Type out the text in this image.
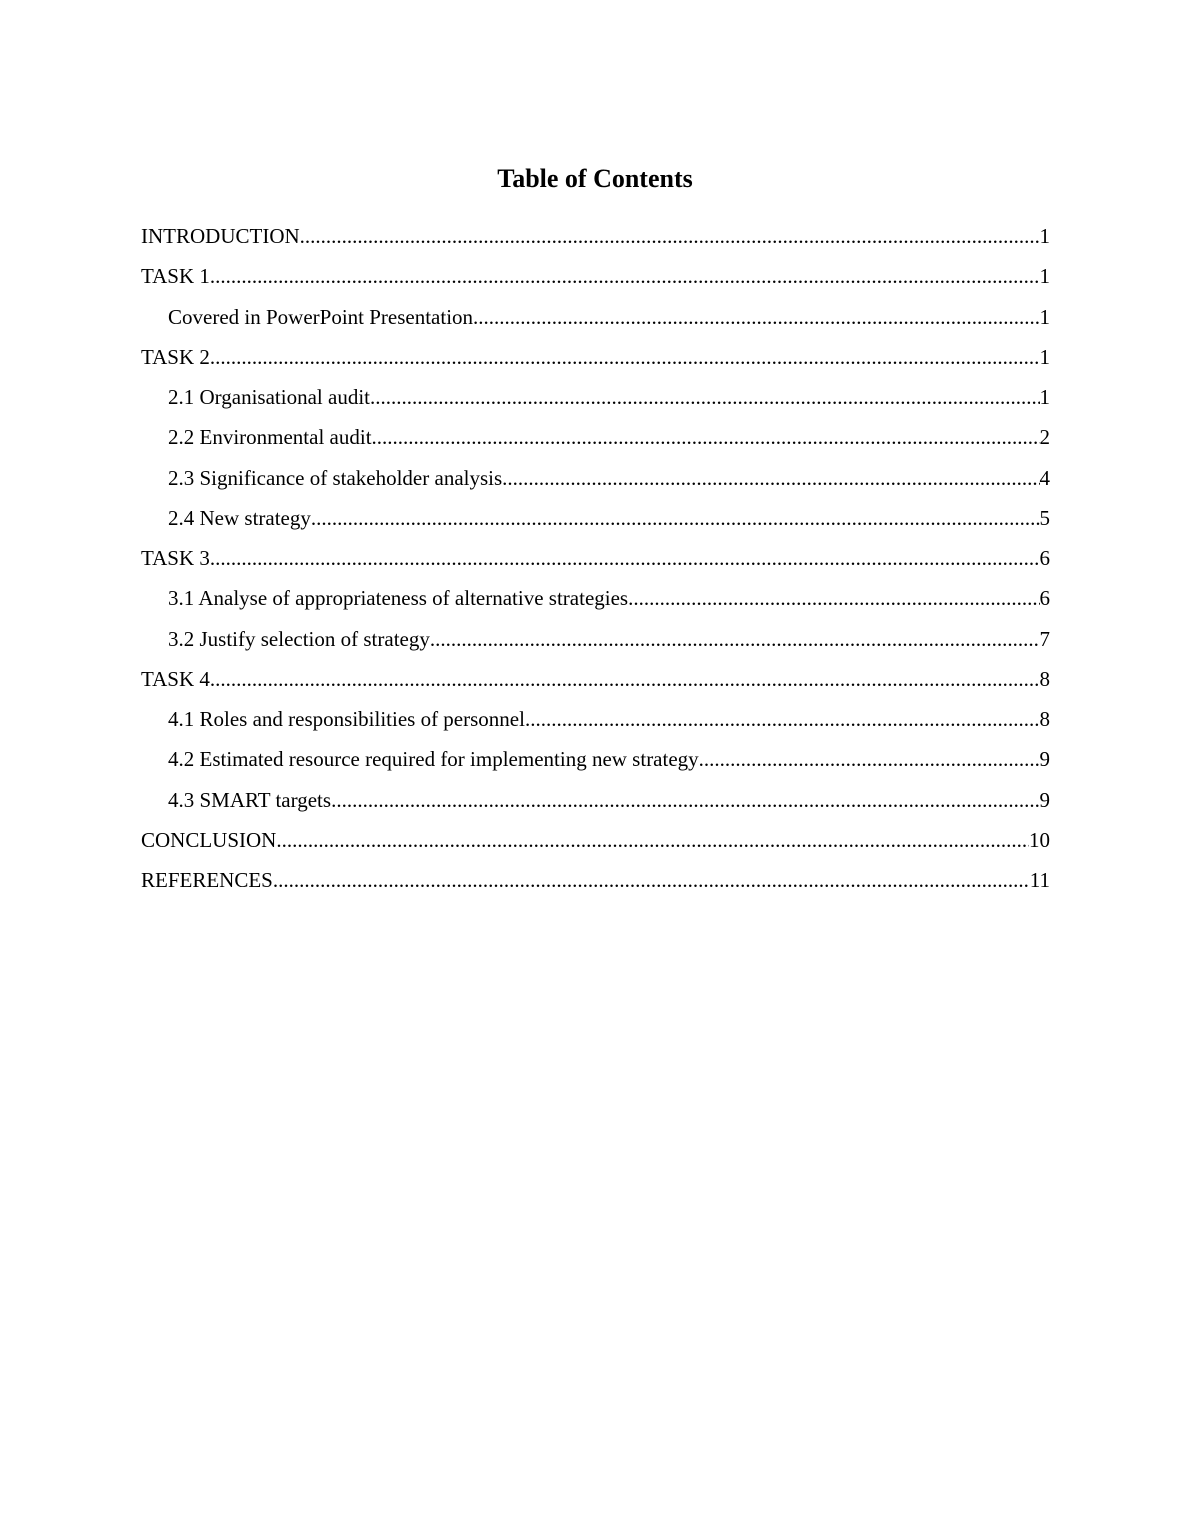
Table of Contents
INTRODUCTION .....	1
TASK 1 .....	1
Covered in PowerPoint Presentation .....	1
TASK 2 .....	1
2.1 Organisational audit .....	1
2.2 Environmental audit .....	2
2.3 Significance of stakeholder analysis .....	4
2.4 New strategy .....	5
TASK 3 .....	6
3.1 Analyse of appropriateness of alternative strategies .....	6
3.2 Justify selection of strategy .....	7
TASK 4 .....	8
4.1 Roles and responsibilities of personnel .....	8
4.2 Estimated resource required for implementing new strategy .....	9
4.3 SMART targets .....	9
CONCLUSION .....	10
REFERENCES .....	11
